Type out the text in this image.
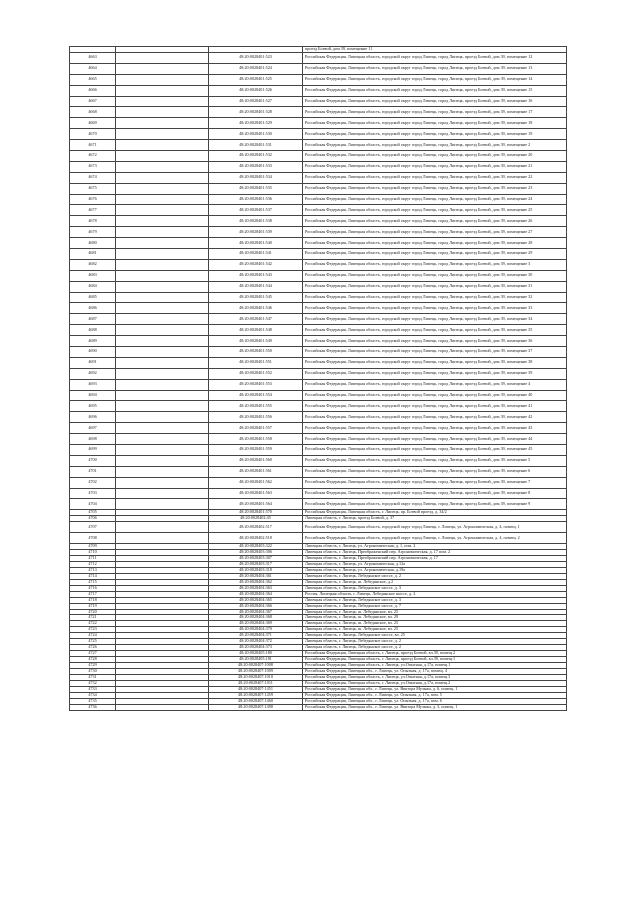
			проезд Боевой, дом 39, помещение 11
4663		48:20:0028401:523	Российская Федерация, Липецкая область, городской округ город Липецк, город Липецк, проезд Боевой, дом 39, помещение 12
4664		48:20:0028401:524	Российская Федерация, Липецкая область, городской округ город Липецк, город Липецк, проезд Боевой, дом 39, помещение 13
4665		48:20:0028401:525	Российская Федерация, Липецкая область, городской округ город Липецк, город Липецк, проезд Боевой, дом 39, помещение 14
4666		48:20:0028401:526	Российская Федерация, Липецкая область, городской округ город Липецк, город Липецк, проезд Боевой, дом 39, помещение 15
4667		48:20:0028401:527	Российская Федерация, Липецкая область, городской округ город Липецк, город Липецк, проезд Боевой, дом 39, помещение 16
4668		48:20:0028401:528	Российская Федерация, Липецкая область, городской округ город Липецк, город Липецк, проезд Боевой, дом 39, помещение 17
4669		48:20:0028401:529	Российская Федерация, Липецкая область, городской округ город Липецк, город Липецк, проезд Боевой, дом 39, помещение 18
4670		48:20:0028401:530	Российская Федерация, Липецкая область, городской округ город Липецк, город Липецк, проезд Боевой, дом 39, помещение 19
4671		48:20:0028401:531	Российская Федерация, Липецкая область, городской округ город Липецк, город Липецк, проезд Боевой, дом 39, помещение 2
4672		48:20:0028401:532	Российская Федерация, Липецкая область, городской округ город Липецк, город Липецк, проезд Боевой, дом 39, помещение 20
4673		48:20:0028401:533	Российская Федерация, Липецкая область, городской округ город Липецк, город Липецк, проезд Боевой, дом 39, помещение 21
4674		48:20:0028401:534	Российская Федерация, Липецкая область, городской округ город Липецк, город Липецк, проезд Боевой, дом 39, помещение 22
4675		48:20:0028401:535	Российская Федерация, Липецкая область, городской округ город Липецк, город Липецк, проезд Боевой, дом 39, помещение 23
4676		48:20:0028401:536	Российская Федерация, Липецкая область, городской округ город Липецк, город Липецк, проезд Боевой, дом 39, помещение 24
4677		48:20:0028401:537	Российская Федерация, Липецкая область, городской округ город Липецк, город Липецк, проезд Боевой, дом 39, помещение 25
4678		48:20:0028401:538	Российская Федерация, Липецкая область, городской округ город Липецк, город Липецк, проезд Боевой, дом 39, помещение 26
4679		48:20:0028401:539	Российская Федерация, Липецкая область, городской округ город Липецк, город Липецк, проезд Боевой, дом 39, помещение 27
4680		48:20:0028401:540	Российская Федерация, Липецкая область, городской округ город Липецк, город Липецк, проезд Боевой, дом 39, помещение 28
4681		48:20:0028401:541	Российская Федерация, Липецкая область, городской округ город Липецк, город Липецк, проезд Боевой, дом 39, помещение 29
4682		48:20:0028401:542	Российская Федерация, Липецкая область, городской округ город Липецк, город Липецк, проезд Боевой, дом 39, помещение 3
4683		48:20:0028401:543	Российская Федерация, Липецкая область, городской округ город Липецк, город Липецк, проезд Боевой, дом 39, помещение 30
4684		48:20:0028401:544	Российская Федерация, Липецкая область, городской округ город Липецк, город Липецк, проезд Боевой, дом 39, помещение 31
4685		48:20:0028401:545	Российская Федерация, Липецкая область, городской округ город Липецк, город Липецк, проезд Боевой, дом 39, помещение 32
4686		48:20:0028401:546	Российская Федерация, Липецкая область, городской округ город Липецк, город Липецк, проезд Боевой, дом 39, помещение 33
4687		48:20:0028401:547	Российская Федерация, Липецкая область, городской округ город Липецк, город Липецк, проезд Боевой, дом 39, помещение 34
4688		48:20:0028401:548	Российская Федерация, Липецкая область, городской округ город Липецк, город Липецк, проезд Боевой, дом 39, помещение 35
4689		48:20:0028401:549	Российская Федерация, Липецкая область, городской округ город Липецк, город Липецк, проезд Боевой, дом 39, помещение 36
4690		48:20:0028401:550	Российская Федерация, Липецкая область, городской округ город Липецк, город Липецк, проезд Боевой, дом 39, помещение 37
4691		48:20:0028401:551	Российская Федерация, Липецкая область, городской округ город Липецк, город Липецк, проезд Боевой, дом 39, помещение 38
4692		48:20:0028401:552	Российская Федерация, Липецкая область, городской округ город Липецк, город Липецк, проезд Боевой, дом 39, помещение 39
4693		48:20:0028401:553	Российская Федерация, Липецкая область, городской округ город Липецк, город Липецк, проезд Боевой, дом 39, помещение 4
4694		48:20:0028401:554	Российская Федерация, Липецкая область, городской округ город Липецк, город Липецк, проезд Боевой, дом 39, помещение 40
4695		48:20:0028401:555	Российская Федерация, Липецкая область, городской округ город Липецк, город Липецк, проезд Боевой, дом 39, помещение 41
4696		48:20:0028401:556	Российская Федерация, Липецкая область, городской округ город Липецк, город Липецк, проезд Боевой, дом 39, помещение 42
4697		48:20:0028401:557	Российская Федерация, Липецкая область, городской округ город Липецк, город Липецк, проезд Боевой, дом 39, помещение 43
4698		48:20:0028401:558	Российская Федерация, Липецкая область, городской округ город Липецк, город Липецк, проезд Боевой, дом 39, помещение 44
4699		48:20:0028401:559	Российская Федерация, Липецкая область, городской округ город Липецк, город Липецк, проезд Боевой, дом 39, помещение 45
4700		48:20:0028401:560	Российская Федерация, Липецкая область, городской округ город Липецк, город Липецк, проезд Боевой, дом 39, помещение 5
4701		48:20:0028401:561	Российская Федерация, Липецкая область, городской округ город Липецк, город Липецк, проезд Боевой, дом 39, помещение 6
4702		48:20:0028401:562	Российская Федерация, Липецкая область, городской округ город Липецк, город Липецк, проезд Боевой, дом 39, помещение 7
4703		48:20:0028401:563	Российская Федерация, Липецкая область, городской округ город Липецк, город Липецк, проезд Боевой, дом 39, помещение 8
4704		48:20:0028401:564	Российская Федерация, Липецкая область, городской округ город Липецк, город Липецк, проезд Боевой, дом 39, помещение 9
4705		48:20:0028401:570	Российская Федерация, Липецкая область, г. Липецк, пр. Боевой проезд, д. 34/2
4706		48:20:0028402:45	Липецкая область, г. Липецк, проезд Боевой, д. 37
4707		48:20:0028402:517	Российская Федерация, Липецкая область, городской округ город Липецк, г. Липецк, ул. Агрономическая, д. 4, помещ. 1
4708		48:20:0028402:518	Российская Федерация, Липецкая область, городской округ город Липецк, г. Липецк, ул. Агрономическая, д. 4, помещ. 2
4709		48:20:0028403:322	Липецкая область, г. Липецк, ул. Агрономическая, д. 1, пом. 2
4710		48:20:0028403:306	Липецкая область, г. Липецк, Преображенский пер. Агрономическая, д. 17 пом. 2
4711		48:20:0028403:307	Липецкая область, г. Липецк, Преображенский пер. Агрономическая, д. 17
4712		48:20:0028403:317	Липецкая область, г. Липецк, ул. Агрономическая, д.12а
4713		48:20:0028403:318	Липецкая область, г. Липецк, ул. Агрономическая, д.19а
4714		48:20:0028404:361	Липецкая область, г. Липецк, Лебедянское шоссе, д. 2
4715		48:20:0028404:362	Липецкая область, г. Липецк, ш. Лебедянское, д.2
4716		48:20:0028404:363	Липецкая область, г. Липецк, Лебедянское шоссе, д. 3
4717		48:20:0028404:364	Россия, Липецкая область, г. Липецк, Лебедянское шоссе, д. 2
4718		48:20:0028404:365	Липецкая область, г. Липецк, Лебедянское шоссе, д. 3
4719		48:20:0028404:366	Липецкая область, г. Липецк, Лебедянское шоссе, д. 7
4720		48:20:0028404:367	Липецкая область, г. Липецк, ш. Лебедянское, вл. 25
4721		48:20:0028404:368	Липецкая область, г. Липецк, ш. Лебедянское, вл. 29
4722		48:20:0028404:369	Липецкая область, г. Липецк, ш. Лебедянское, вл. 25
4723		48:20:0028404:370	Липецкая область, г. Липецк, ш. Лебедянское, вл. 25
4724		48:20:0028404:371	Липецкая область, г. Липецк, Лебедянское шоссе, вл. 25
4725		48:20:0028404:372	Липецкая область, г. Липецк, Лебедянское шоссе, д. 2
4726		48:20:0028404:373	Липецкая область, г. Липецк, Лебедянское шоссе, д. 2
4727		48:20:0028405:180	Российская Федерация, Липецкая область, г. Липецк, проезд Боевой, вл.39, помещ.2
4728		48:20:0028405:181	Российская Федерация, Липецкая область, г. Липецк, проезд Боевой, вл.39, помещ.1
4729		48:20:0028407:1008	Российская Федерация, Липецкая область, г. Липецк, ул.Опытная, д.17а, помещ.1
4730		48:20:0028407:1009	Российская Федерация, Липецкая обл., г. Липецк, ул. Опытная, д. 17а, помещ. 4
4731		48:20:0028407:1010	Российская Федерация, Липецкая область, г. Липецк, ул.Опытная, д.17а, помещ.3
4732		48:20:0028407:1011	Российская Федерация, Липецкая область, г. Липецк, ул.Опытная, д.17а, помещ.2
4733		48:20:0028407:1451	Российская Федерация, Липецкая обл., г. Липецк, ул. Виктора Музыки, д. 6, помещ. 1
4734		48:20:0028407:1459	Российская Федерация, Липецкая обл., г. Липецк, ул. Опытная, д. 17а, пом. 5
4735		48:20:0028407:1460	Российская Федерация, Липецкая обл., г. Липецк, ул. Опытная, д. 17а, пом. 6
4736		48:20:0028407:1498	Российская Федерация, Липецкая обл., г. Липецк, ул. Виктора Музыки, д. 3, помещ. 1
